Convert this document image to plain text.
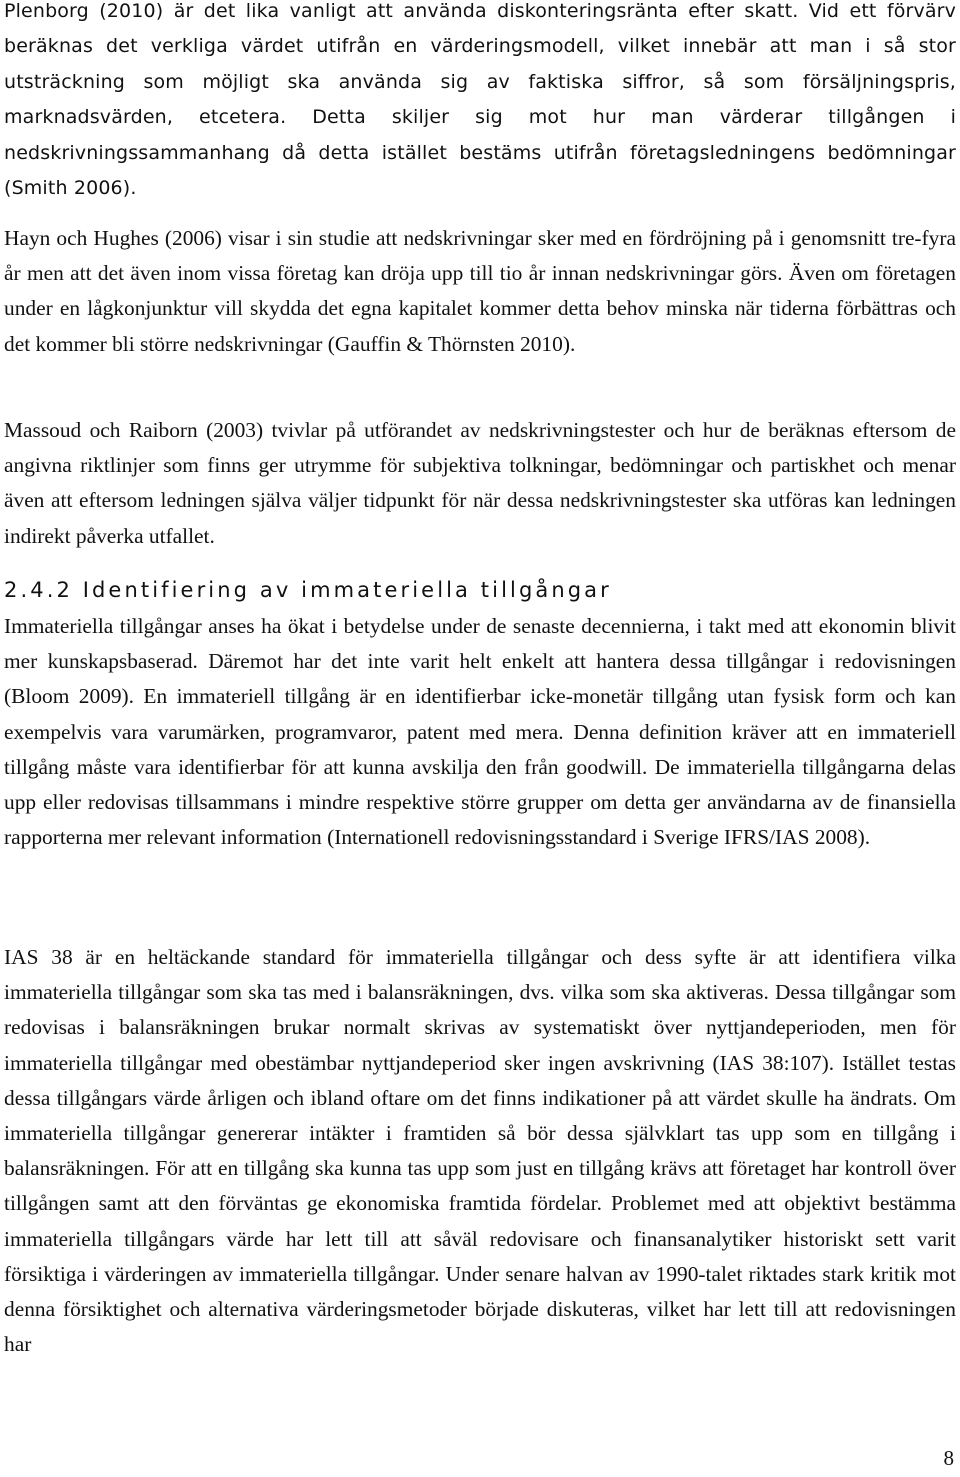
Plenborg (2010) är det lika vanligt att använda diskonteringsränta efter skatt. Vid ett förvärv beräknas det verkliga värdet utifrån en värderingsmodell, vilket innebär att man i så stor utsträckning som möjligt ska använda sig av faktiska siffror, så som försäljningspris, marknadsvärden, etcetera. Detta skiljer sig mot hur man värderar tillgången i nedskrivningssammanhang då detta istället bestäms utifrån företagsledningens bedömningar (Smith 2006).

Hayn och Hughes (2006) visar i sin studie att nedskrivningar sker med en fördröjning på i genomsnitt tre-fyra år men att det även inom vissa företag kan dröja upp till tio år innan nedskrivningar görs. Även om företagen under en lågkonjunktur vill skydda det egna kapitalet kommer detta behov minska när tiderna förbättras och det kommer bli större nedskrivningar (Gauffin & Thörnsten 2010).

Massoud och Raiborn (2003) tvivlar på utförandet av nedskrivningstester och hur de beräknas eftersom de angivna riktlinjer som finns ger utrymme för subjektiva tolkningar, bedömningar och partiskhet och menar även att eftersom ledningen själva väljer tidpunkt för när dessa nedskrivningstester ska utföras kan ledningen indirekt påverka utfallet.

2.4.2 Identifiering av immateriella tillgångar

Immateriella tillgångar anses ha ökat i betydelse under de senaste decennierna, i takt med att ekonomin blivit mer kunskapsbaserad. Däremot har det inte varit helt enkelt att hantera dessa tillgångar i redovisningen (Bloom 2009). En immateriell tillgång är en identifierbar icke-monetär tillgång utan fysisk form och kan exempelvis vara varumärken, programvaror, patent med mera. Denna definition kräver att en immateriell tillgång måste vara identifierbar för att kunna avskilja den från goodwill. De immateriella tillgångarna delas upp eller redovisas tillsammans i mindre respektive större grupper om detta ger användarna av de finansiella rapporterna mer relevant information (Internationell redovisningsstandard i Sverige IFRS/IAS 2008).

IAS 38 är en heltäckande standard för immateriella tillgångar och dess syfte är att identifiera vilka immateriella tillgångar som ska tas med i balansräkningen, dvs. vilka som ska aktiveras. Dessa tillgångar som redovisas i balansräkningen brukar normalt skrivas av systematiskt över nyttjandeperioden, men för immateriella tillgångar med obestämbar nyttjandeperiod sker ingen avskrivning (IAS 38:107). Istället testas dessa tillgångars värde årligen och ibland oftare om det finns indikationer på att värdet skulle ha ändrats. Om immateriella tillgångar genererar intäkter i framtiden så bör dessa självklart tas upp som en tillgång i balansräkningen. För att en tillgång ska kunna tas upp som just en tillgång krävs att företaget har kontroll över tillgången samt att den förväntas ge ekonomiska framtida fördelar. Problemet med att objektivt bestämma immateriella tillgångars värde har lett till att såväl redovisare och finansanalytiker historiskt sett varit försiktiga i värderingen av immateriella tillgångar. Under senare halvan av 1990-talet riktades stark kritik mot denna försiktighet och alternativa värderingsmetoder började diskuteras, vilket har lett till att redovisningen har

8
